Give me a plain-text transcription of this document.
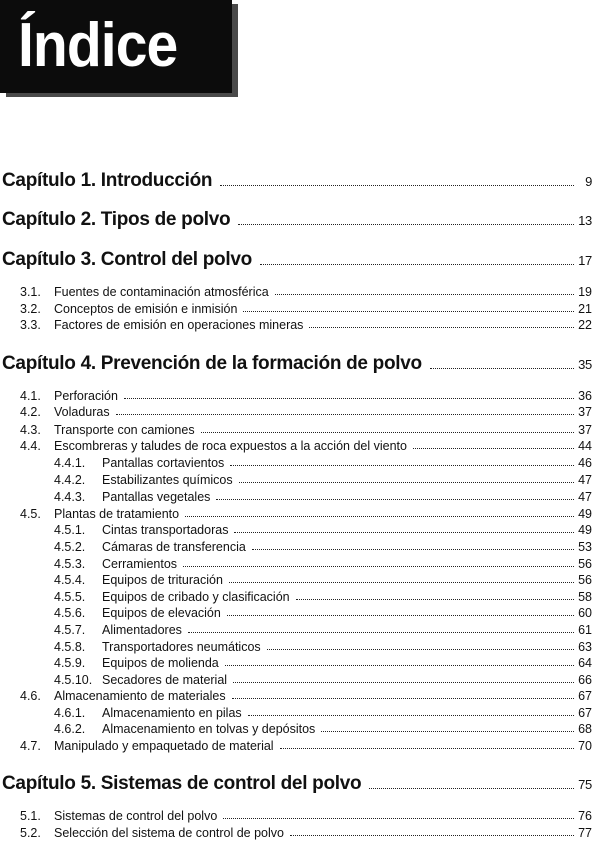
Índice
Capítulo 1. Introducción	9
Capítulo 2. Tipos de polvo	13
Capítulo 3. Control del polvo	17
3.1.	Fuentes de contaminación atmosférica	19
3.2.	Conceptos de emisión e inmisión	21
3.3.	Factores de emisión en operaciones mineras	22
Capítulo 4. Prevención de la formación de polvo	35
4.1.	Perforación	36
4.2.	Voladuras	37
4.3.	Transporte con camiones	37
4.4.	Escombreras y taludes de roca expuestos a la acción del viento	44
4.4.1.	Pantallas cortavientos	46
4.4.2.	Estabilizantes químicos	47
4.4.3.	Pantallas vegetales	47
4.5.	Plantas de tratamiento	49
4.5.1.	Cintas transportadoras	49
4.5.2.	Cámaras de transferencia	53
4.5.3.	Cerramientos	56
4.5.4.	Equipos de trituración	56
4.5.5.	Equipos de cribado y clasificación	58
4.5.6.	Equipos de elevación	60
4.5.7.	Alimentadores	61
4.5.8.	Transportadores neumáticos	63
4.5.9.	Equipos de molienda	64
4.5.10. Secadores de material	66
4.6.	Almacenamiento de materiales	67
4.6.1.	Almacenamiento en pilas	67
4.6.2.	Almacenamiento en tolvas y depósitos	68
4.7.	Manipulado y empaquetado de material	70
Capítulo 5. Sistemas de control del polvo	75
5.1.	Sistemas de control del polvo	76
5.2.	Selección del sistema de control de polvo	77
